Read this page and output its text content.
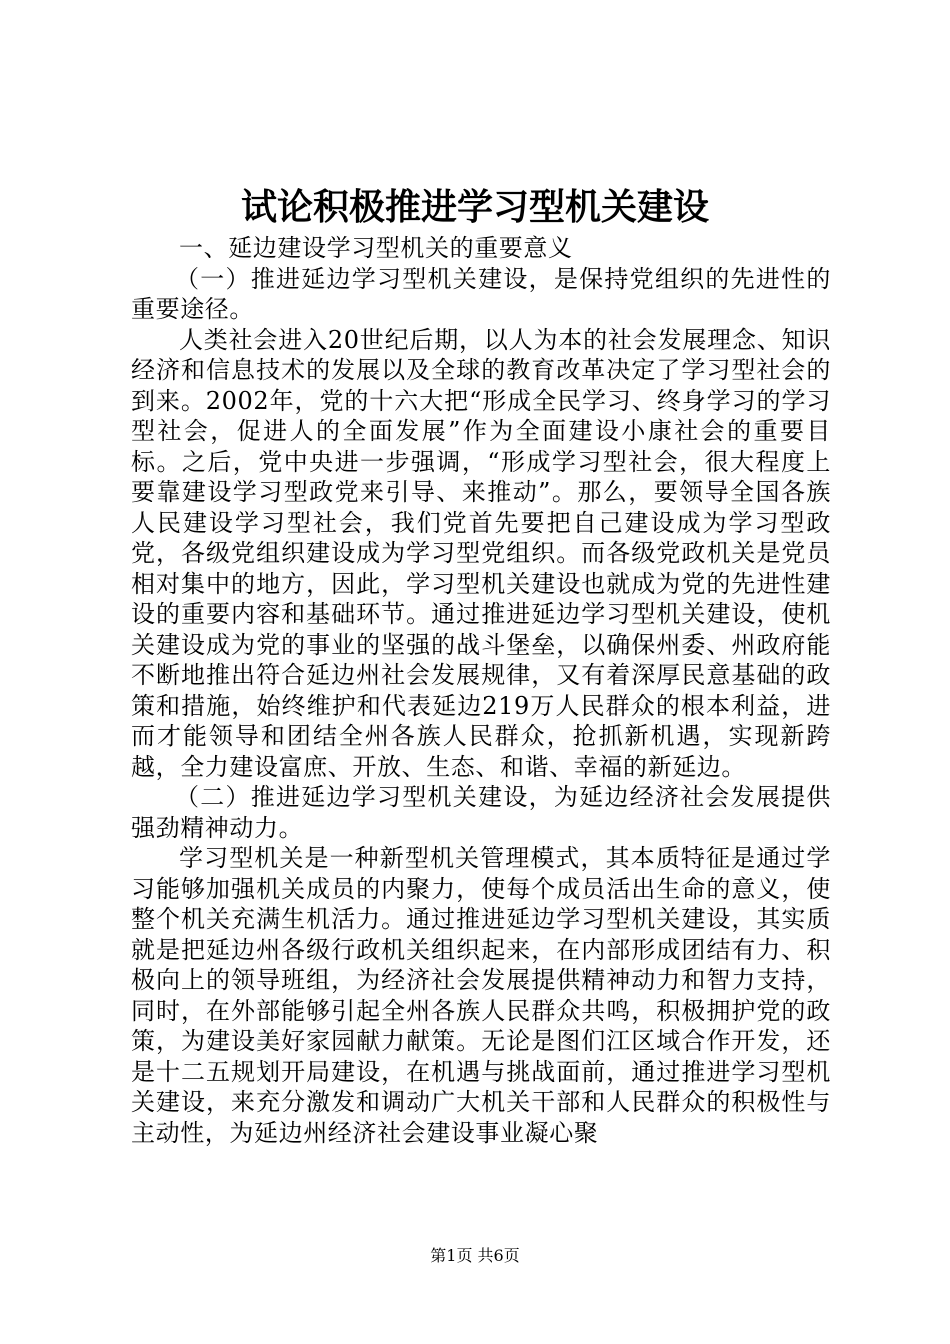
试论积极推进学习型机关建设

一、延边建设学习型机关的重要意义

（一）推进延边学习型机关建设，是保持党组织的先进性的重要途径。

人类社会进入20世纪后期，以人为本的社会发展理念、知识经济和信息技术的发展以及全球的教育改革决定了学习型社会的到来。2002年，党的十六大把“形成全民学习、终身学习的学习型社会，促进人的全面发展”作为全面建设小康社会的重要目标。之后，党中央进一步强调，“形成学习型社会，很大程度上要靠建设学习型政党来引导、来推动”。那么，要领导全国各族人民建设学习型社会，我们党首先要把自己建设成为学习型政党，各级党组织建设成为学习型党组织。而各级党政机关是党员相对集中的地方，因此，学习型机关建设也就成为党的先进性建设的重要内容和基础环节。通过推进延边学习型机关建设，使机关建设成为党的事业的坚强的战斗堡垒，以确保州委、州政府能不断地推出符合延边州社会发展规律，又有着深厚民意基础的政策和措施，始终维护和代表延边219万人民群众的根本利益，进而才能领导和团结全州各族人民群众，抢抓新机遇，实现新跨越，全力建设富庶、开放、生态、和谐、幸福的新延边。

（二）推进延边学习型机关建设，为延边经济社会发展提供强劲精神动力。

学习型机关是一种新型机关管理模式，其本质特征是通过学习能够加强机关成员的内聚力，使每个成员活出生命的意义，使整个机关充满生机活力。通过推进延边学习型机关建设，其实质就是把延边州各级行政机关组织起来，在内部形成团结有力、积极向上的领导班组，为经济社会发展提供精神动力和智力支持，同时，在外部能够引起全州各族人民群众共鸣，积极拥护党的政策，为建设美好家园献力献策。无论是图们江区域合作开发，还是十二五规划开局建设，在机遇与挑战面前，通过推进学习型机关建设，来充分激发和调动广大机关干部和人民群众的积极性与主动性，为延边州经济社会建设事业凝心聚

第1页 共6页
